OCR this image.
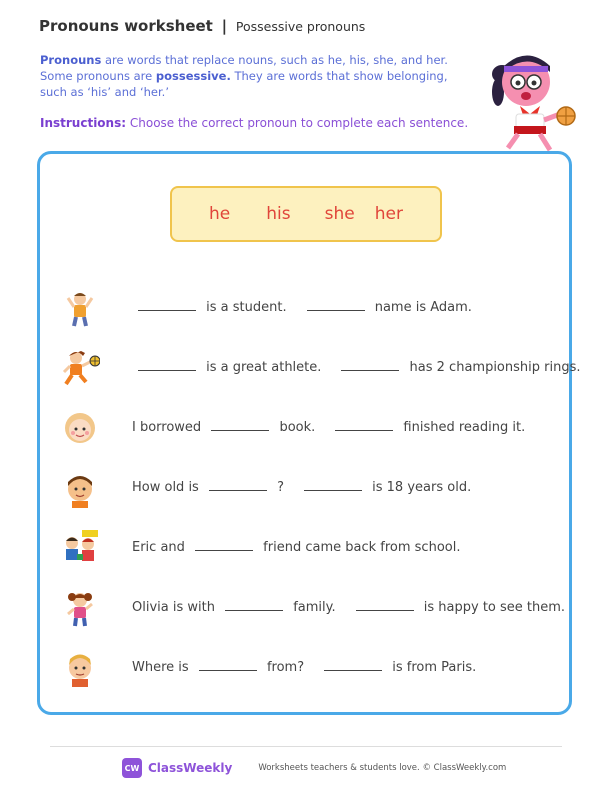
Pronouns worksheet | Possessive pronouns
Pronouns are words that replace nouns, such as he, his, she, and her.
Some pronouns are possessive. They are words that show belonging,
such as ‘his’ and ‘her.’
Instructions: Choose the correct pronoun to complete each sentence.
he his she her
is a student.	name is Adam.
is a great athlete.	has 2 championship rings.
I borrowed	book.	finished reading it.
How old is	?	is 18 years old.
Eric and	friend came back from school.
Olivia is with	family.	is happy to see them.
Where is	from?	is from Paris.
CW ClassWeekly	Worksheets teachers & students love. © ClassWeekly.com
